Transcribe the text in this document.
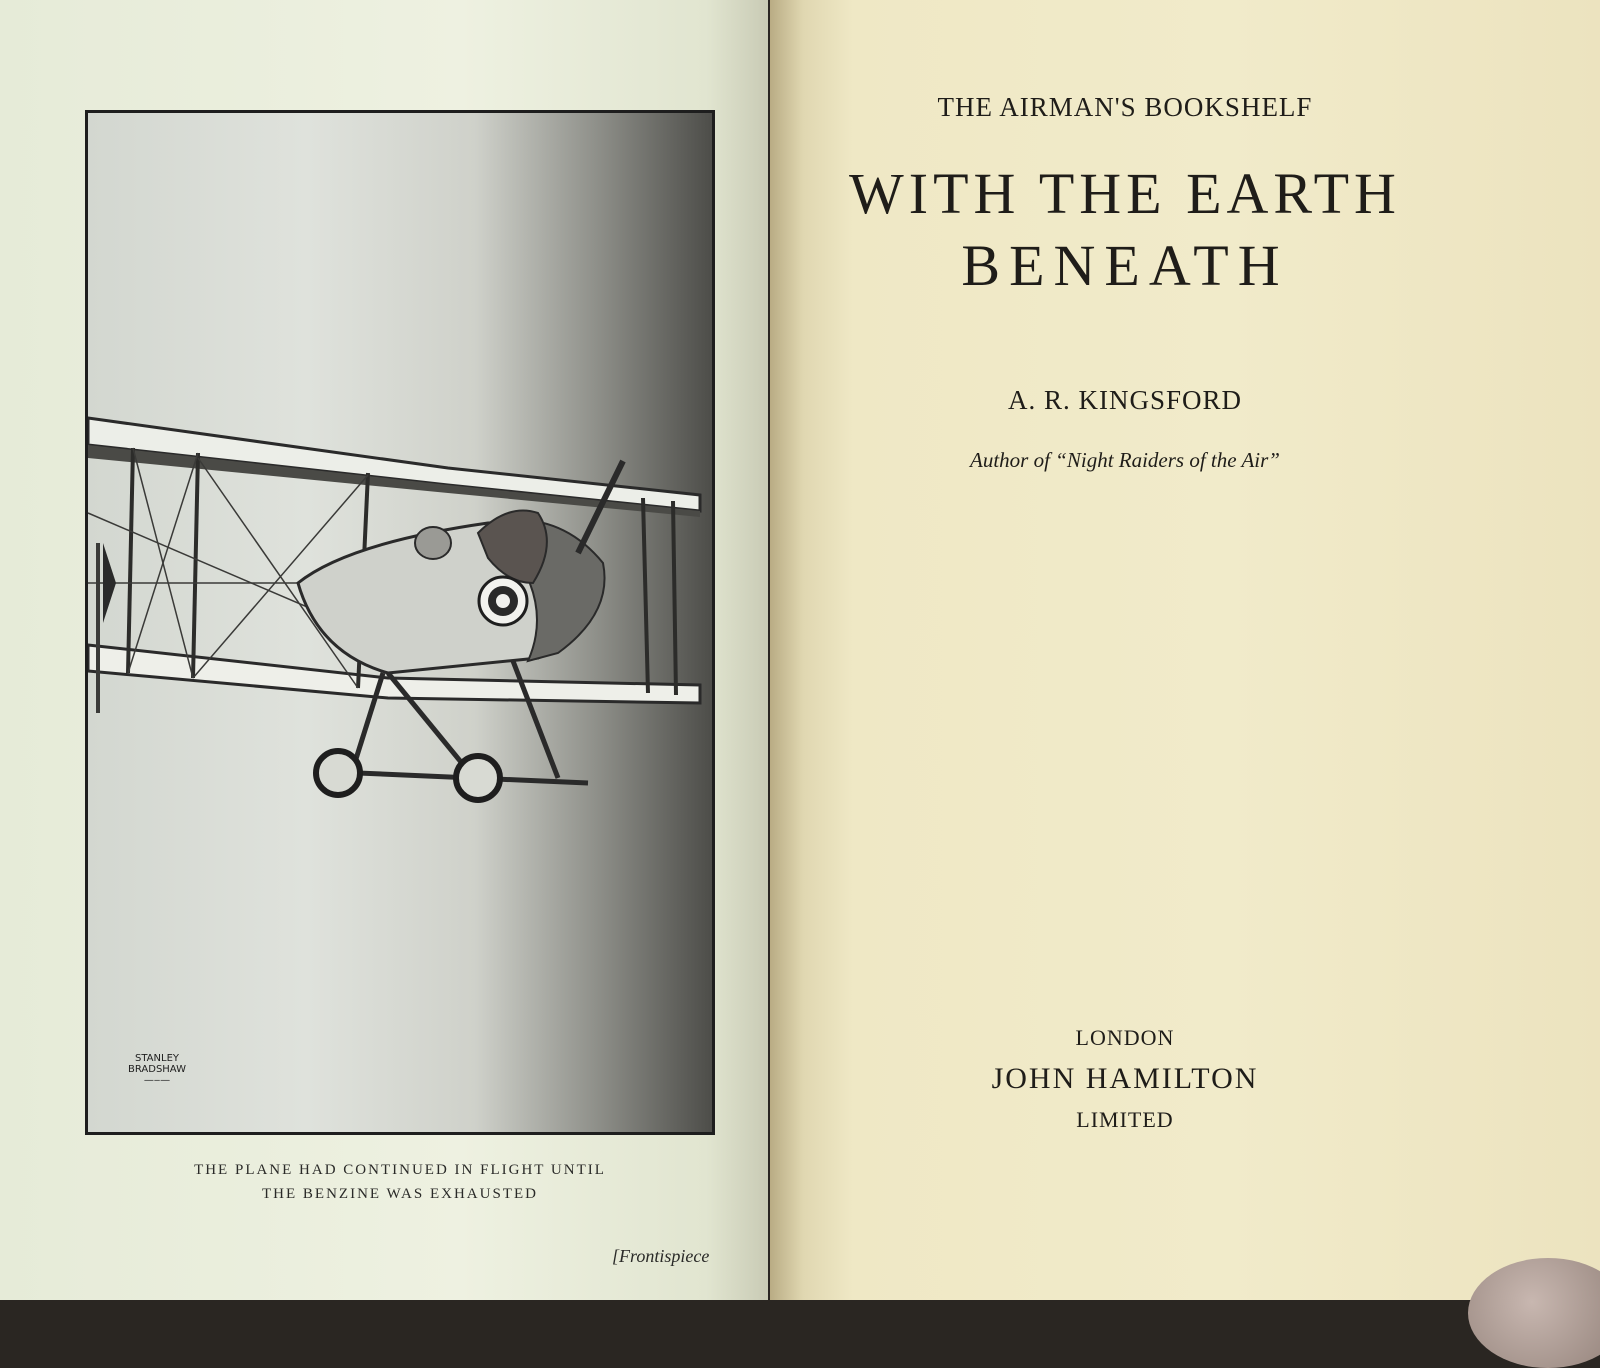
STANLEY
BRADSHAW
—‒—
THE PLANE HAD CONTINUED IN FLIGHT UNTIL
THE BENZINE WAS EXHAUSTED
[Frontispiece
THE AIRMAN'S BOOKSHELF
WITH THE EARTH
BENEATH
A. R. KINGSFORD
Author of “Night Raiders of the Air”
LONDON
JOHN HAMILTON
LIMITED
